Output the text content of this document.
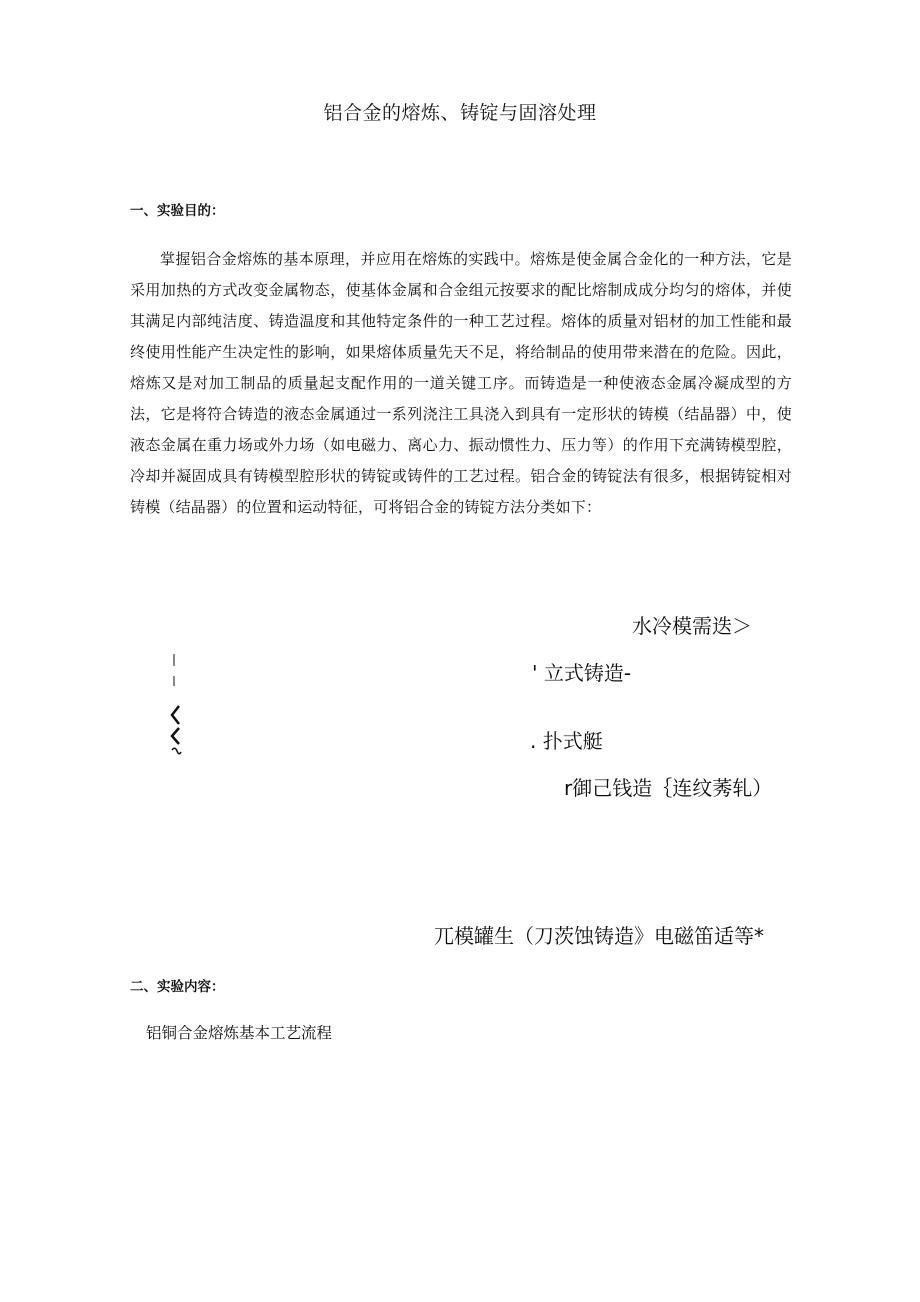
铝合金的熔炼、铸锭与固溶处理
一、实验目的：

掌握铝合金熔炼的基本原理，并应用在熔炼的实践中。熔炼是使金属合金化的一种方法，它是采用加热的方式改变金属物态，使基体金属和合金组元按要求的配比熔制成成分均匀的熔体，并使其满足内部纯洁度、铸造温度和其他特定条件的一种工艺过程。熔体的质量对铝材的加工性能和最终使用性能产生决定性的影响，如果熔体质量先天不足，将给制品的使用带来潜在的危险。因此，熔炼又是对加工制品的质量起支配作用的一道关键工序。而铸造是一种使液态金属冷凝成型的方法，它是将符合铸造的液态金属通过一系列浇注工具浇入到具有一定形状的铸模（结晶器）中，使液态金属在重力场或外力场（如电磁力、离心力、振动惯性力、压力等）的作用下充满铸模型腔，冷却并凝固成具有铸模型腔形状的铸锭或铸件的工艺过程。铝合金的铸锭法有很多，根据铸锭相对铸模（结晶器）的位置和运动特征，可将铝合金的铸锭方法分类如下：

水冷模需迭＞
' 立式铸造-
. 扑式艇
r御己钱造｛连纹莠轧）
兀模罐生（刀茨蚀铸造》电磁笛适等*
二、实验内容：
铝铜合金熔炼基本工艺流程
